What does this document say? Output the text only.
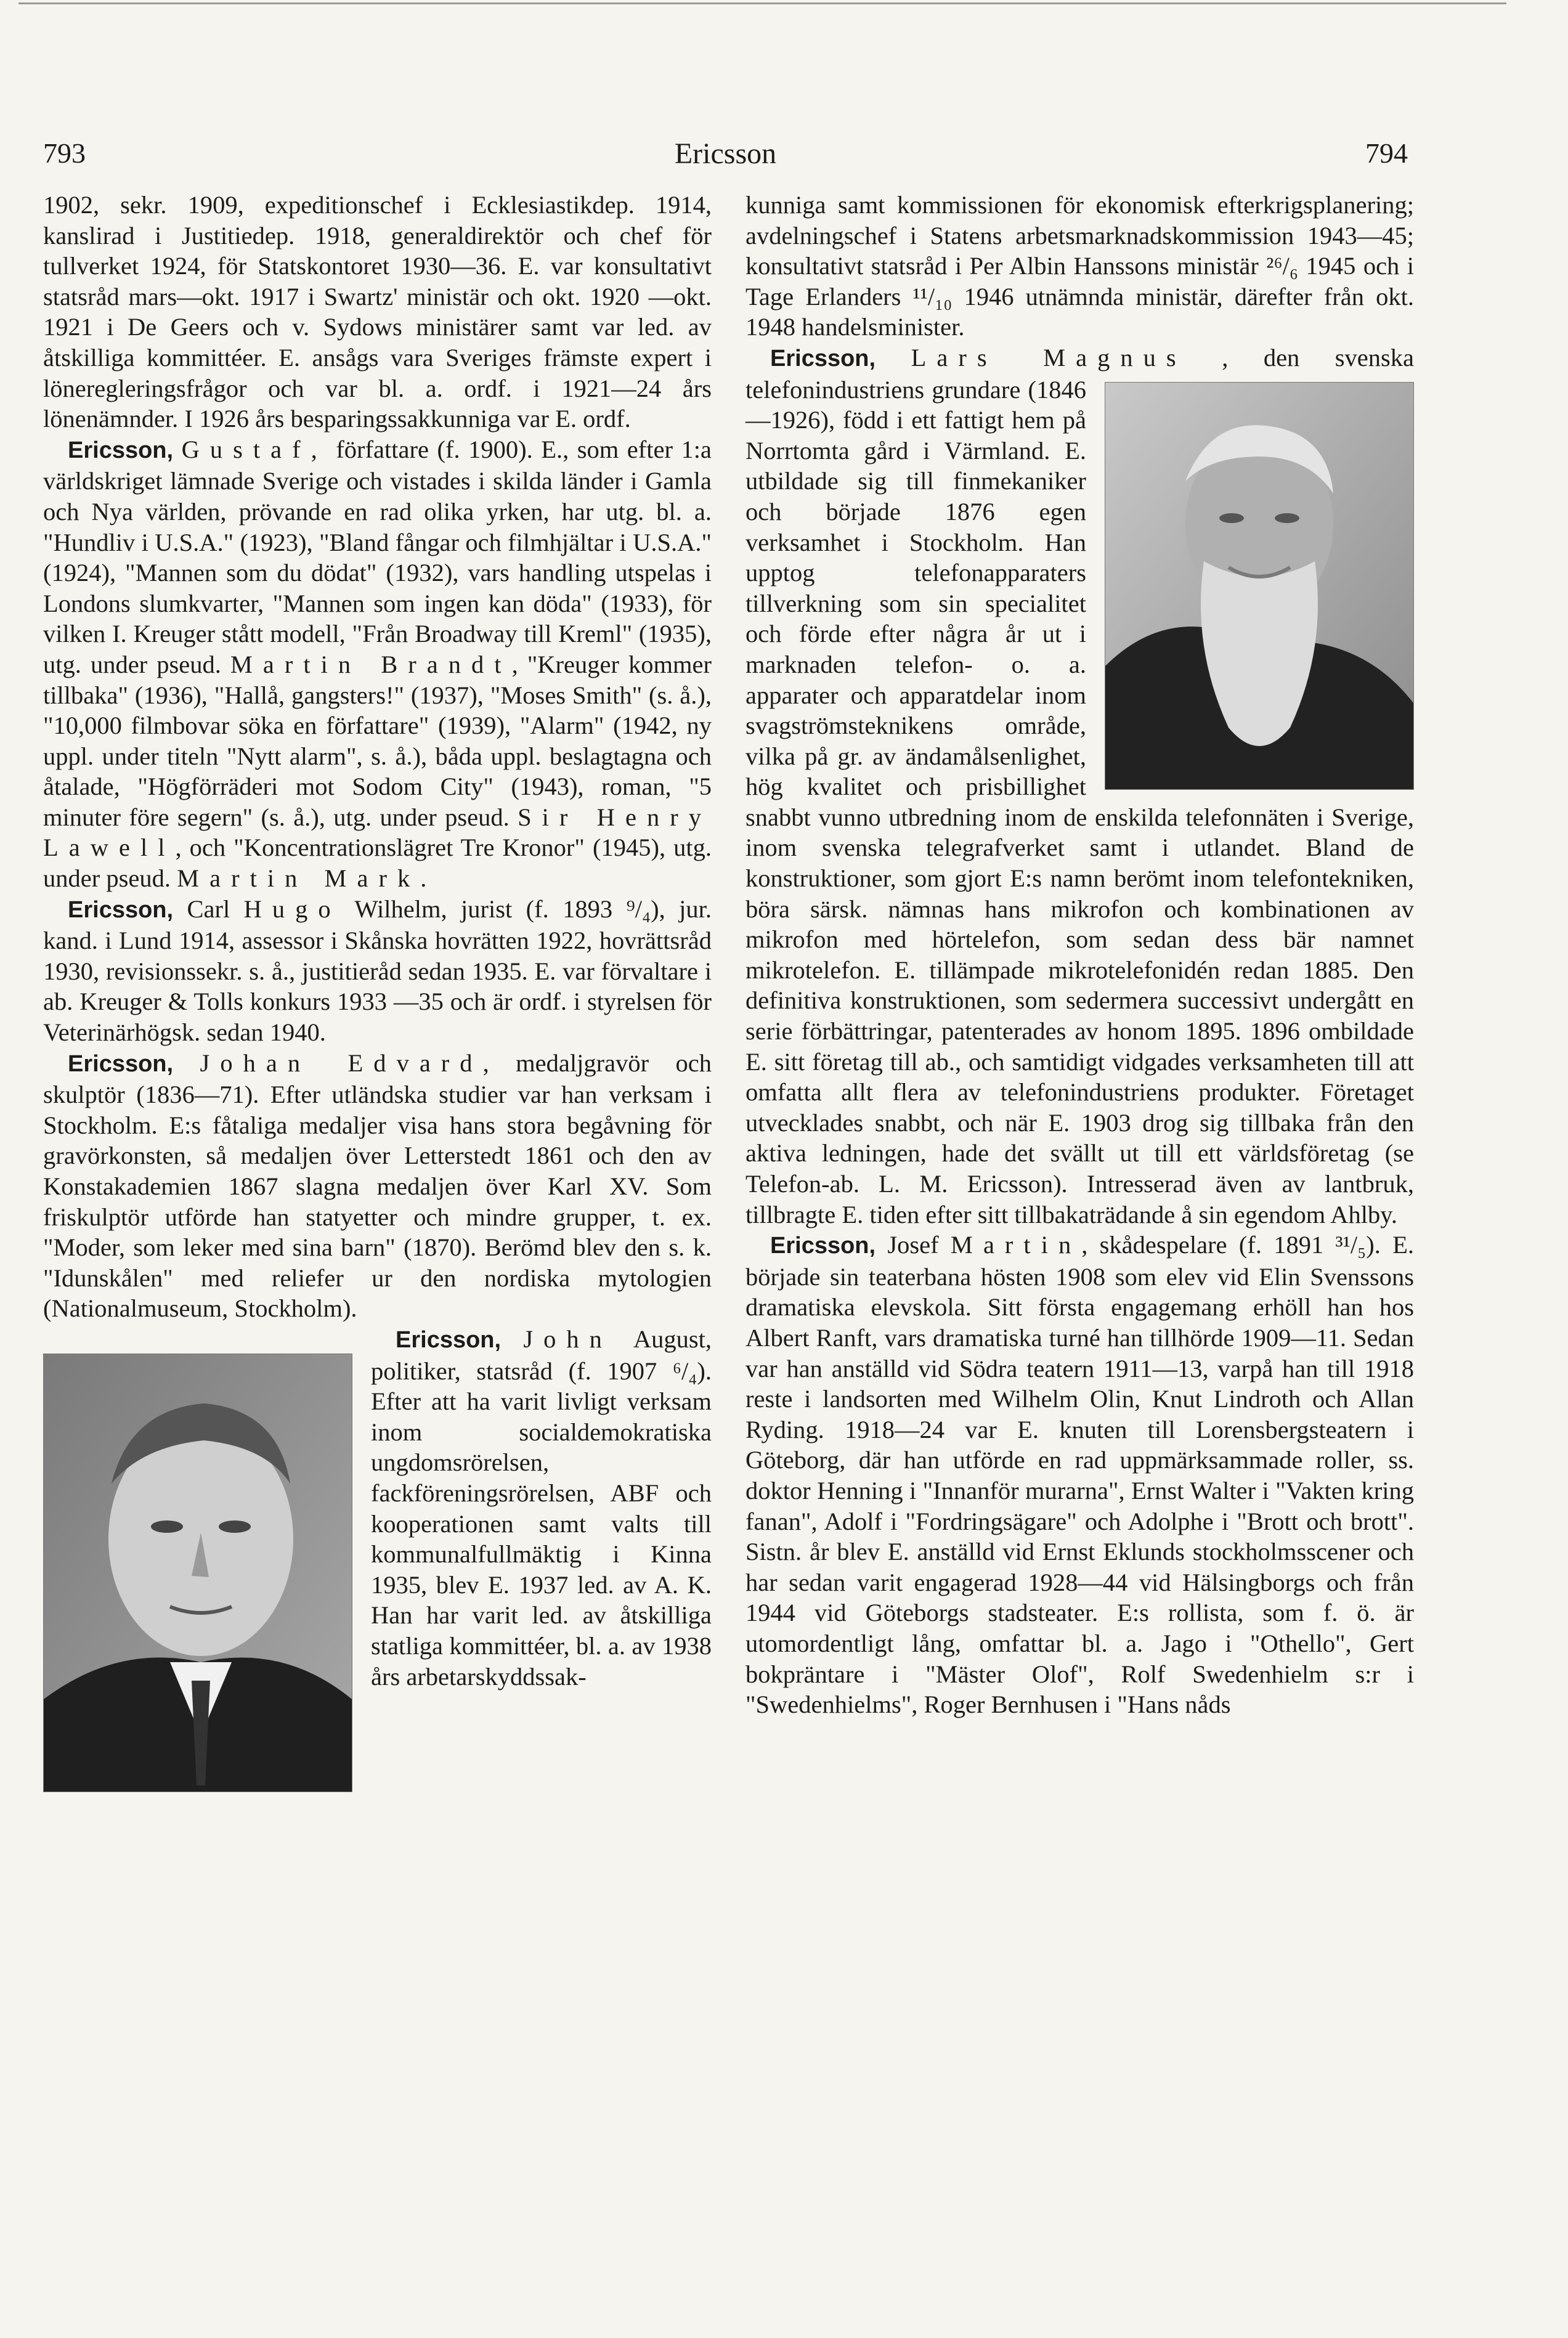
793	Ericsson	794

1902, sekr. 1909, expeditionschef i Ecklesiastikdep. 1914, kanslirad i Justitiedep. 1918, generaldirektör och chef för tullverket 1924, för Statskontoret 1930—36. E. var konsultativt statsråd mars—okt. 1917 i Swartz' ministär och okt. 1920 —okt. 1921 i De Geers och v. Sydows ministärer samt var led. av åtskilliga kommittéer. E. ansågs vara Sveriges främste expert i löneregleringsfrågor och var bl. a. ordf. i 1921—24 års lönenämnder. I 1926 års besparingssakkunniga var E. ordf.

Ericsson, Gustaf, författare (f. 1900). E., som efter 1:a världskriget lämnade Sverige och vistades i skilda länder i Gamla och Nya världen, prövande en rad olika yrken, har utg. bl. a. "Hundliv i U.S.A." (1923), "Bland fångar och filmhjältar i U.S.A." (1924), "Mannen som du dödat" (1932), vars handling utspelas i Londons slumkvarter, "Mannen som ingen kan döda" (1933), för vilken I. Kreuger stått modell, "Från Broadway till Kreml" (1935), utg. under pseud. Martin Brandt, "Kreuger kommer tillbaka" (1936), "Hallå, gangsters!" (1937), "Moses Smith" (s. å.), "10,000 filmbovar söka en författare" (1939), "Alarm" (1942, ny uppl. under titeln "Nytt alarm", s. å.), båda uppl. beslagtagna och åtalade, "Högförräderi mot Sodom City" (1943), roman, "5 minuter före segern" (s. å.), utg. under pseud. Sir Henry Lawell, och "Koncentrationslägret Tre Kronor" (1945), utg. under pseud. Martin Mark.

Ericsson, Carl Hugo Wilhelm, jurist (f. 1893 ⁹/₄), jur. kand. i Lund 1914, assessor i Skånska hovrätten 1922, hovrättsråd 1930, revisionssekr. s. å., justitieråd sedan 1935. E. var förvaltare i ab. Kreuger & Tolls konkurs 1933 —35 och är ordf. i styrelsen för Veterinärhögsk. sedan 1940.

Ericsson, Johan Edvard, medaljgravör och skulptör (1836—71). Efter utländska studier var han verksam i Stockholm. E:s fåtaliga medaljer visa hans stora begåvning för gravörkonsten, så medaljen över Letterstedt 1861 och den av Konstakademien 1867 slagna medaljen över Karl XV. Som friskulptör utförde han statyetter och mindre grupper, t. ex. "Moder, som leker med sina barn" (1870). Berömd blev den s. k. "Idunskålen" med reliefer ur den nordiska mytologien (Nationalmuseum, Stockholm).

Ericsson, John August, politiker, statsråd (f. 1907 ⁶/₄). Efter att ha varit livligt verksam inom socialdemokratiska ungdomsrörelsen, fackföreningsrörelsen, ABF och kooperationen samt valts till kommunalfullmäktig i Kinna 1935, blev E. 1937 led. av A. K. Han har varit led. av åtskilliga statliga kommittéer, bl. a. av 1938 års arbetarskyddssak-

kunniga samt kommissionen för ekonomisk efterkrigsplanering; avdelningschef i Statens arbetsmarknadskommission 1943—45; konsultativt statsråd i Per Albin Hanssons ministär ²⁶/₆ 1945 och i Tage Erlanders ¹¹/₁₀ 1946 utnämnda ministär, därefter från okt. 1948 handelsminister.

Ericsson, Lars Magnus , den svenska telefonindustriens grundare (1846—1926), född i ett fattigt hem på Norrtomta gård i Värmland. E. utbildade sig till finmekaniker och började 1876 egen verksamhet i Stockholm. Han upptog telefonapparaters tillverkning som sin specialitet och förde efter några år ut i marknaden telefon- o. a. apparater och apparatdelar inom svagströmsteknikens område, vilka på gr. av ändamålsenlighet, hög kvalitet och prisbillighet snabbt vunno utbredning inom de enskilda telefonnäten i Sverige, inom svenska telegrafverket samt i utlandet. Bland de konstruktioner, som gjort E:s namn berömt inom telefontekniken, böra särsk. nämnas hans mikrofon och kombinationen av mikrofon med hörtelefon, som sedan dess bär namnet mikrotelefon. E. tillämpade mikrotelefonidén redan 1885. Den definitiva konstruktionen, som sedermera successivt undergått en serie förbättringar, patenterades av honom 1895. 1896 ombildade E. sitt företag till ab., och samtidigt vidgades verksamheten till att omfatta allt flera av telefonindustriens produkter. Företaget utvecklades snabbt, och när E. 1903 drog sig tillbaka från den aktiva ledningen, hade det svällt ut till ett världsföretag (se Telefon-ab. L. M. Ericsson). Intresserad även av lantbruk, tillbragte E. tiden efter sitt tillbakaträdande å sin egendom Ahlby.

Ericsson, Josef Martin, skådespelare (f. 1891 ³¹/₅). E. började sin teaterbana hösten 1908 som elev vid Elin Svenssons dramatiska elevskola. Sitt första engagemang erhöll han hos Albert Ranft, vars dramatiska turné han tillhörde 1909—11. Sedan var han anställd vid Södra teatern 1911—13, varpå han till 1918 reste i landsorten med Wilhelm Olin, Knut Lindroth och Allan Ryding. 1918—24 var E. knuten till Lorensbergsteatern i Göteborg, där han utförde en rad uppmärksammade roller, ss. doktor Henning i "Innanför murarna", Ernst Walter i "Vakten kring fanan", Adolf i "Fordringsägare" och Adolphe i "Brott och brott". Sistn. år blev E. anställd vid Ernst Eklunds stockholmsscener och har sedan varit engagerad 1928—44 vid Hälsingborgs och från 1944 vid Göteborgs stadsteater. E:s rollista, som f. ö. är utomordentligt lång, omfattar bl. a. Jago i "Othello", Gert bokpräntare i "Mäster Olof", Rolf Swedenhielm s:r i "Swedenhielms", Roger Bernhusen i "Hans nåds
